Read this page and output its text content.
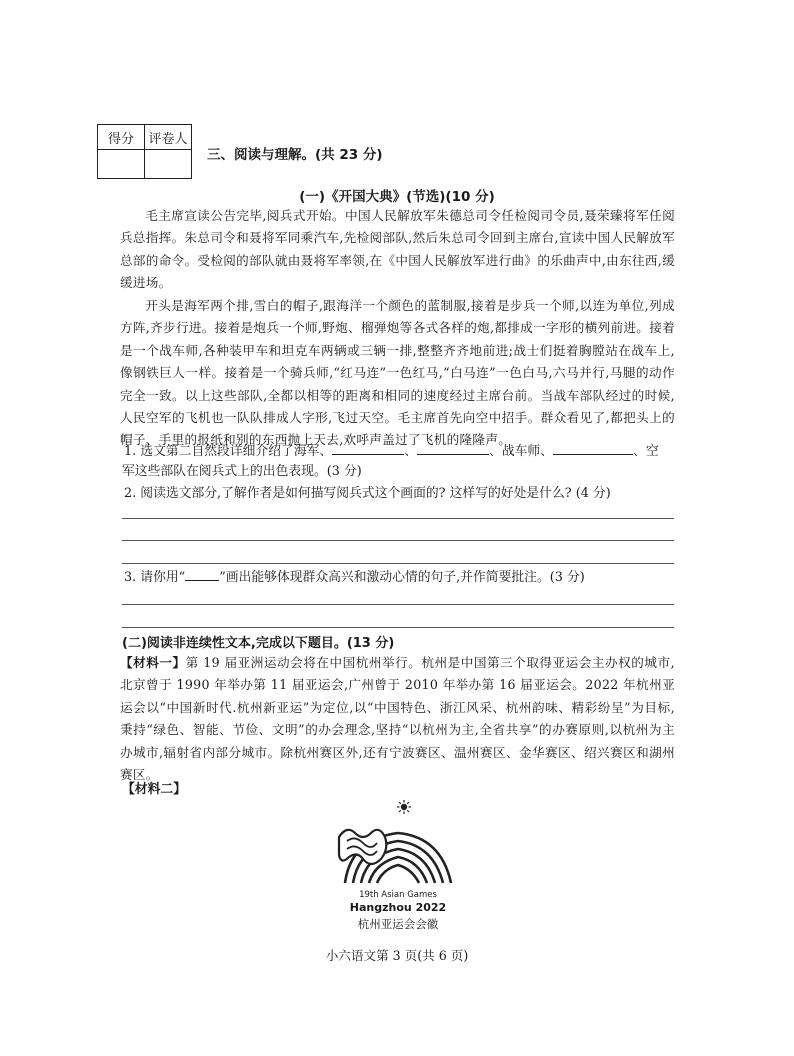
得分	评卷人

三、阅读与理解。(共 23 分)
(一)《开国大典》(节选)(10 分)
毛主席宣读公告完毕,阅兵式开始。中国人民解放军朱德总司令任检阅司令员,聂荣臻将军任阅兵总指挥。朱总司令和聂将军同乘汽车,先检阅部队,然后朱总司令回到主席台,宣读中国人民解放军总部的命令。受检阅的部队就由聂将军率领,在《中国人民解放军进行曲》的乐曲声中,由东往西,缓缓进场。
开头是海军两个排,雪白的帽子,跟海洋一个颜色的蓝制服,接着是步兵一个师,以连为单位,列成方阵,齐步行进。接着是炮兵一个师,野炮、榴弹炮等各式各样的炮,都排成一字形的横列前进。接着是一个战车师,各种装甲车和坦克车两辆或三辆一排,整整齐齐地前进;战士们挺着胸膛站在战车上,像钢铁巨人一样。接着是一个骑兵师,“红马连”一色红马,“白马连”一色白马,六马并行,马腿的动作完全一致。以上这些部队,全都以相等的距离和相同的速度经过主席台前。当战车部队经过的时候,人民空军的飞机也一队队排成人字形,飞过天空。毛主席首先向空中招手。群众看见了,都把头上的帽子、手里的报纸和别的东西抛上天去,欢呼声盖过了飞机的隆隆声。
1. 选文第二自然段详细介绍了海军、	、	、战车师、	、空
军这些部队在阅兵式上的出色表现。(3 分)
2. 阅读选文部分,了解作者是如何描写阅兵式这个画面的? 这样写的好处是什么? (4 分)
3. 请你用“	”画出能够体现群众高兴和激动心情的句子,并作简要批注。(3 分)
(二)阅读非连续性文本,完成以下题目。(13 分)
【材料一】第 19 届亚洲运动会将在中国杭州举行。杭州是中国第三个取得亚运会主办权的城市,北京曾于 1990 年举办第 11 届亚运会,广州曾于 2010 年举办第 16 届亚运会。2022 年杭州亚运会以“中国新时代.杭州新亚运”为定位,以“中国特色、浙江风采、杭州韵味、精彩纷呈”为目标,秉持“绿色、智能、节俭、文明”的办会理念,坚持“以杭州为主,全省共享”的办赛原则,以杭州为主办城市,辐射省内部分城市。除杭州赛区外,还有宁波赛区、温州赛区、金华赛区、绍兴赛区和湖州赛区。
【材料二】
19th Asian Games
Hangzhou 2022
杭州亚运会会徽
小六语文第 3 页(共 6 页)
